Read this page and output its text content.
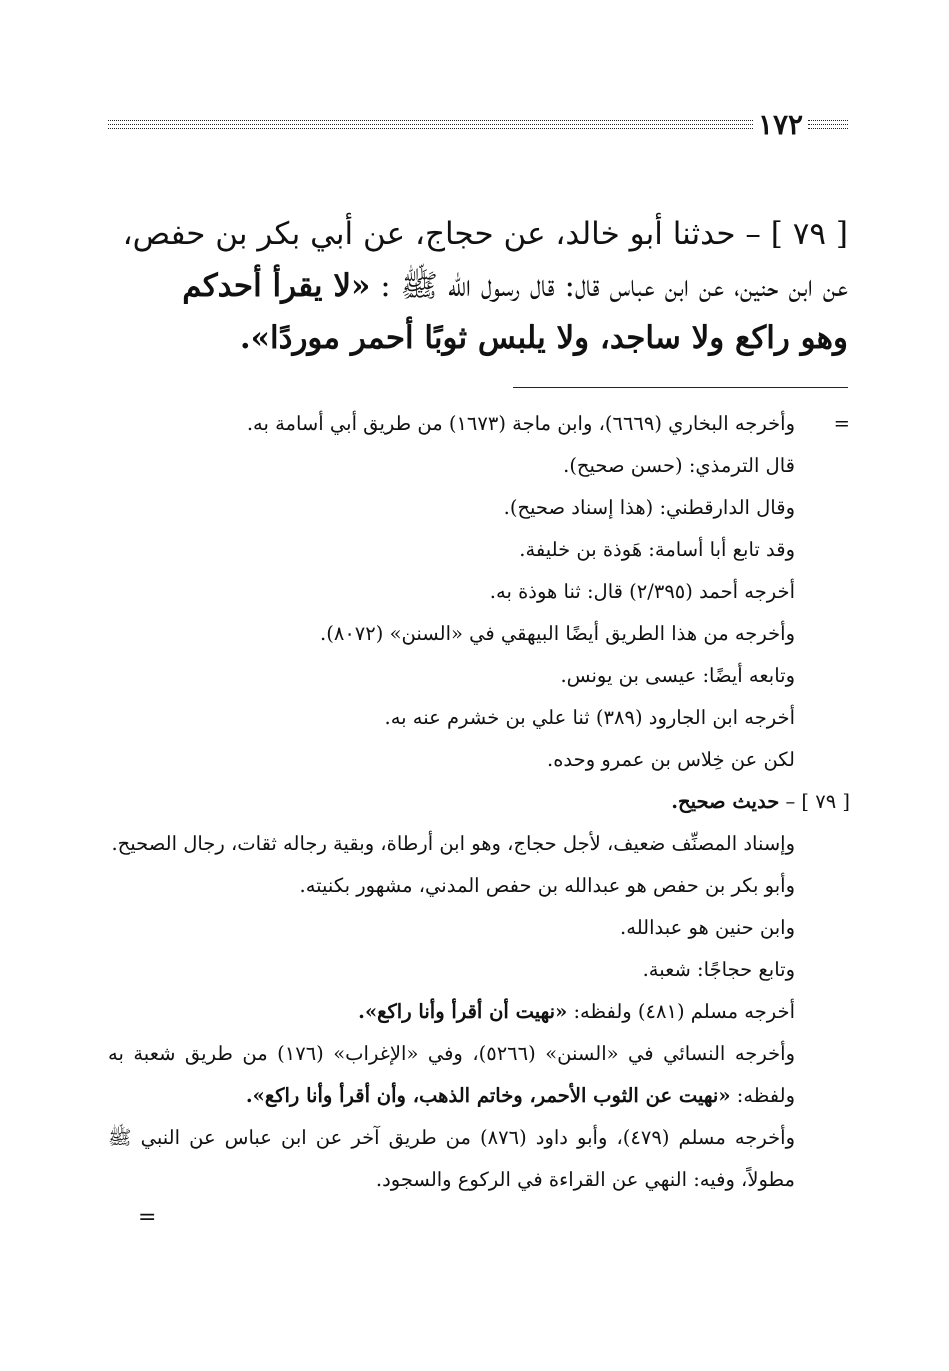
١٧٢

[ ٧٩ ] – حدثنا أبو خالد، عن حجاج، عن أبي بكر بن حفص،

عن ابن حنين، عن ابن عباس قال: قال رسول الله ﷺ : «لا يقرأ أحدكم

وهو راكع ولا ساجد، ولا يلبس ثوبًا أحمر موردًا».

=وأخرجه البخاري (٦٦٦٩)، وابن ماجة (١٦٧٣) من طريق أبي أسامة به.

قال الترمذي: (حسن صحيح).

وقال الدارقطني: (هذا إسناد صحيح).

وقد تابع أبا أسامة: هَوذة بن خليفة.

أخرجه أحمد (٢/٣٩٥) قال: ثنا هوذة به.

وأخرجه من هذا الطريق أيضًا البيهقي في «السنن» (٨٠٧٢).

وتابعه أيضًا: عيسى بن يونس.

أخرجه ابن الجارود (٣٨٩) ثنا علي بن خشرم عنه به.

لكن عن خِلاس بن عمرو وحده.

[ ٧٩ ] – حديث صحيح.

وإسناد المصنِّف ضعيف، لأجل حجاج، وهو ابن أرطاة، وبقية رجاله ثقات، رجال الصحيح.

وأبو بكر بن حفص هو عبدالله بن حفص المدني، مشهور بكنيته.

وابن حنين هو عبدالله.

وتابع حجاجًا: شعبة.

أخرجه مسلم (٤٨١) ولفظه: «نهيت أن أقرأ وأنا راكع».

وأخرجه النسائي في «السنن» (٥٢٦٦)، وفي «الإغراب» (١٧٦) من طريق شعبة به ولفظه: «نهيت عن الثوب الأحمر، وخاتم الذهب، وأن أقرأ وأنا راكع».

وأخرجه مسلم (٤٧٩)، وأبو داود (٨٧٦) من طريق آخر عن ابن عباس عن النبي ﷺ مطولاً، وفيه: النهي عن القراءة في الركوع والسجود.

=
